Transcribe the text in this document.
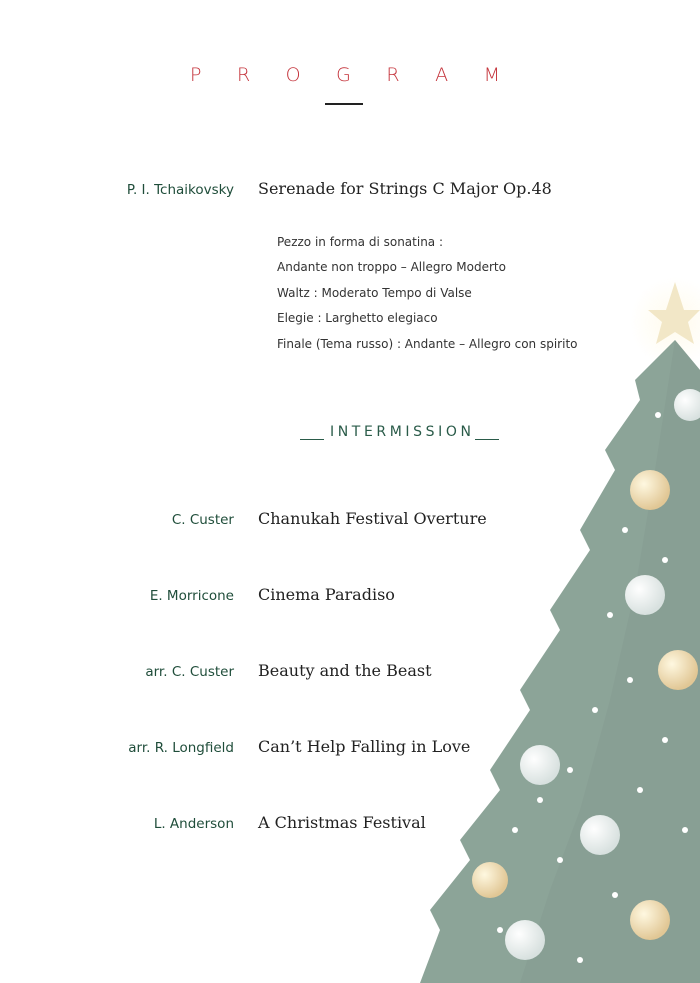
P R O G R A M
P. I. Tchaikovsky Serenade for Strings C Major Op.48
Pezzo in forma di sonatina :
Andante non troppo – Allegro Moderto
Waltz : Moderato Tempo di Valse
Elegie : Larghetto elegiaco
Finale (Tema russo) : Andante – Allegro con spirito
INTERMISSION
C. Custer Chanukah Festival Overture
E. Morricone Cinema Paradiso
arr. C. Custer Beauty and the Beast
arr. R. Longfield Can’t Help Falling in Love
L. Anderson A Christmas Festival
